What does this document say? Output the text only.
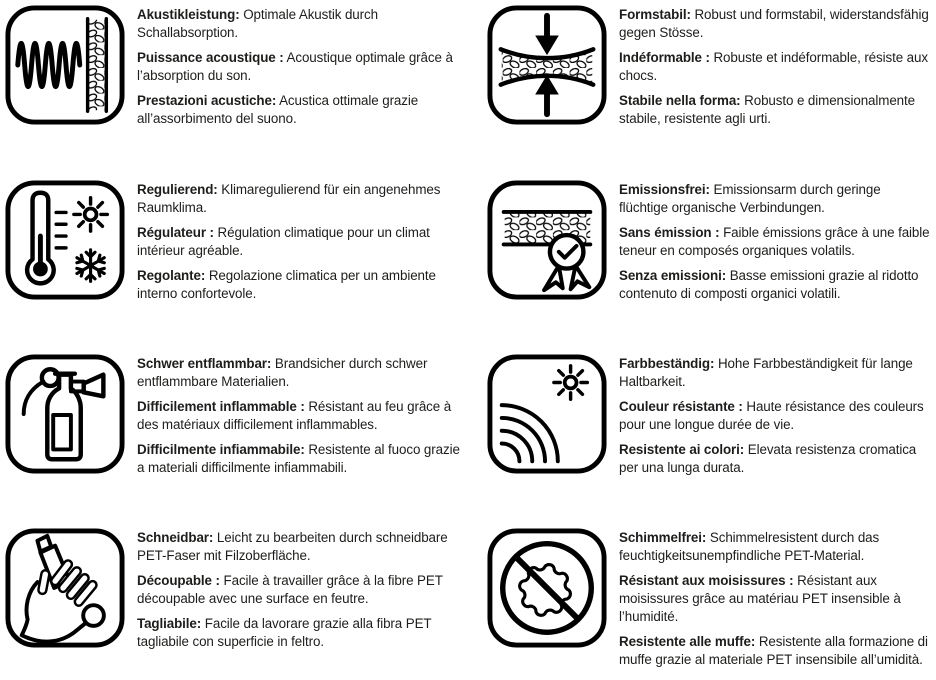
Akustikleistung: Optimale Akustik durch Schallabsorption.

Puissance acoustique : Acoustique optimale grâce à l’absorption du son.

Prestazioni acustiche: Acustica ottimale grazie all’assorbimento del suono.

Formstabil: Robust und formstabil, widerstandsfähig gegen Stösse.

Indéformable : Robuste et indéformable, résiste aux chocs.

Stabile nella forma: Robusto e dimensionalmente stabile, resistente agli urti.

Regulierend: Klimaregulierend für ein angenehmes Raumklima.

Régulateur : Régulation climatique pour un climat intérieur agréable.

Regolante: Regolazione climatica per un ambiente interno confortevole.

Emissionsfrei: Emissionsarm durch geringe flüchtige organische Verbindungen.

Sans émission : Faible émissions grâce à une faible teneur en composés organiques volatils.

Senza emissioni: Basse emissioni grazie al ridotto contenuto di composti organici volatili.

Schwer entflammbar: Brandsicher durch schwer entflammbare Materialien.

Difficilement inflammable : Résistant au feu grâce à des matériaux difficilement inflammables.

Difficilmente infiammabile: Resistente al fuoco grazie a materiali difficilmente infiammabili.

Farbbeständig: Hohe Farbbeständigkeit für lange Haltbarkeit.

Couleur résistante : Haute résistance des couleurs pour une longue durée de vie.

Resistente ai colori: Elevata resistenza cromatica per una lunga durata.

Schneidbar: Leicht zu bearbeiten durch schneidbare PET-Faser mit Filzoberfläche.

Découpable : Facile à travailler grâce à la fibre PET découpable avec une surface en feutre.

Tagliabile: Facile da lavorare grazie alla fibra PET tagliabile con superficie in feltro.

Schimmelfrei: Schimmelresistent durch das feuchtigkeitsunempfindliche PET-Material.

Résistant aux moisissures : Résistant aux moisissures grâce au matériau PET insensible à l’humidité.

Resistente alle muffe: Resistente alla formazione di muffe grazie al materiale PET insensibile all’umidità.
